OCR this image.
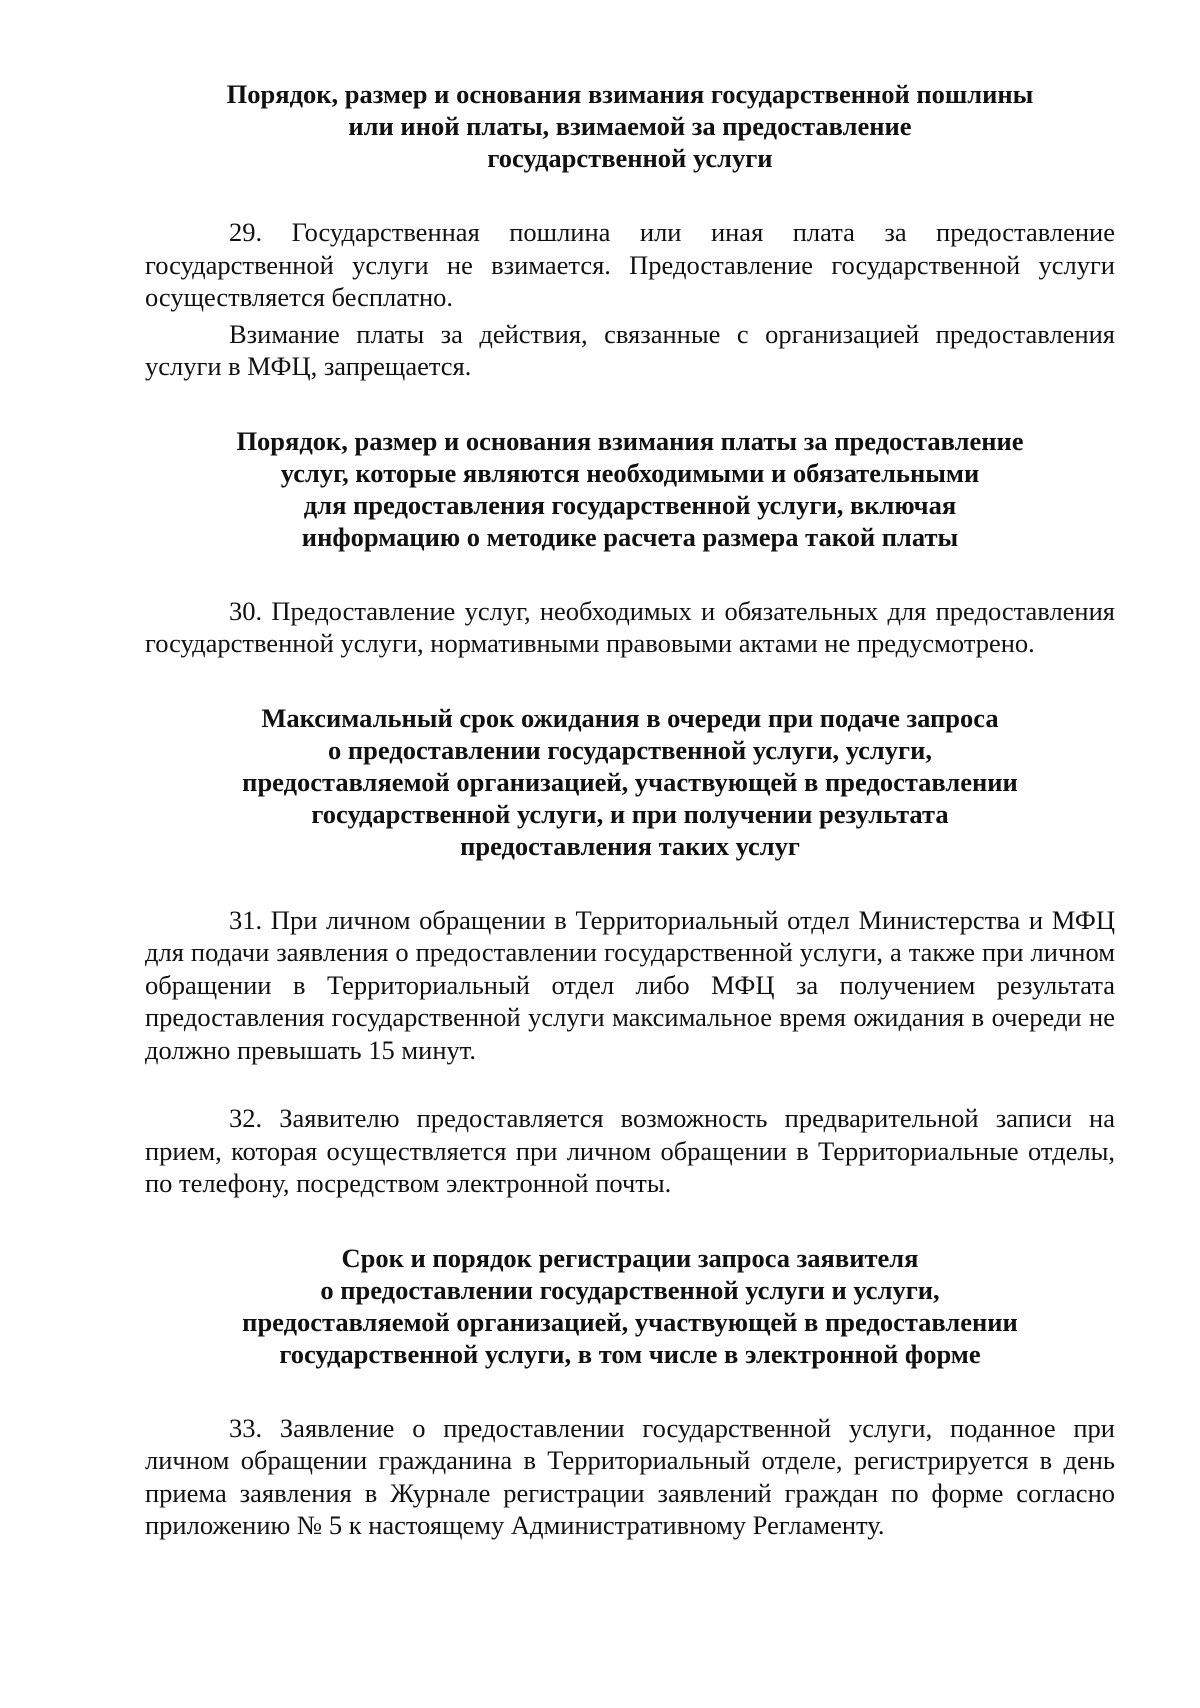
Порядок, размер и основания взимания государственной пошлины
или иной платы, взимаемой за предоставление
государственной услуги

29. Государственная пошлина или иная плата за предоставление государственной услуги не взимается. Предоставление государственной услуги осуществляется бесплатно.

Взимание платы за действия, связанные с организацией предоставления услуги в МФЦ, запрещается.

Порядок, размер и основания взимания платы за предоставление
услуг, которые являются необходимыми и обязательными
для предоставления государственной услуги, включая
информацию о методике расчета размера такой платы

30. Предоставление услуг, необходимых и обязательных для предоставления государственной услуги, нормативными правовыми актами не предусмотрено.

Максимальный срок ожидания в очереди при подаче запроса
о предоставлении государственной услуги, услуги,
предоставляемой организацией, участвующей в предоставлении
государственной услуги, и при получении результата
предоставления таких услуг

31. При личном обращении в Территориальный отдел Министерства и МФЦ для подачи заявления о предоставлении государственной услуги, а также при личном обращении в Территориальный отдел либо МФЦ за получением результата предоставления государственной услуги максимальное время ожидания в очереди не должно превышать 15 минут.

32. Заявителю предоставляется возможность предварительной записи на прием, которая осуществляется при личном обращении в Территориальные отделы, по телефону, посредством электронной почты.

Срок и порядок регистрации запроса заявителя
о предоставлении государственной услуги и услуги,
предоставляемой организацией, участвующей в предоставлении
государственной услуги, в том числе в электронной форме

33. Заявление о предоставлении государственной услуги, поданное при личном обращении гражданина в Территориальный отделе, регистрируется в день приема заявления в Журнале регистрации заявлений граждан по форме согласно приложению № 5 к настоящему Административному Регламенту.
